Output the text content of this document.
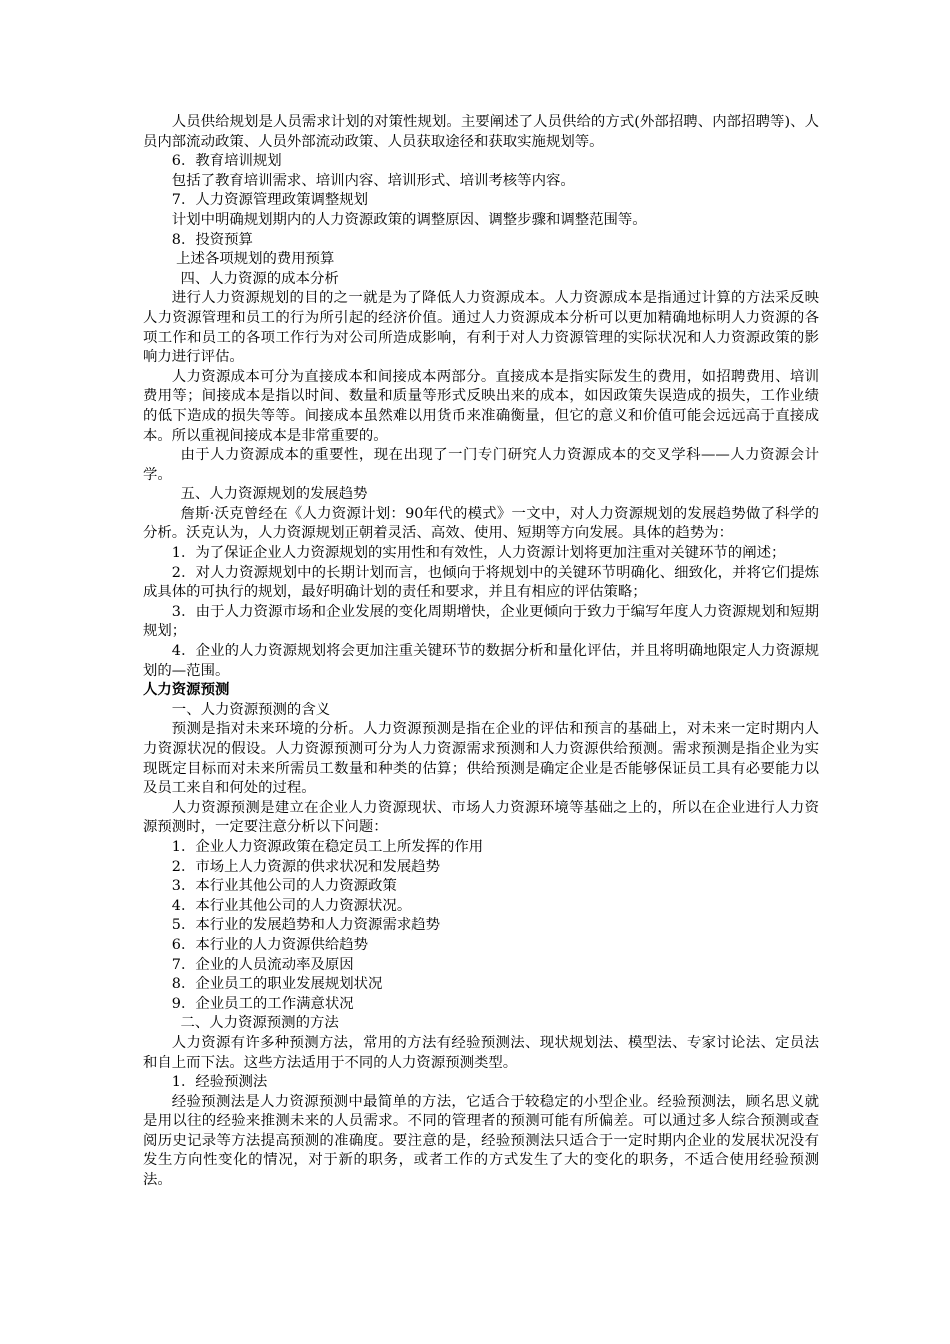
人员供给规划是人员需求计划的对策性规划。主要阐述了人员供给的方式(外部招聘、内部招聘等)、人员内部流动政策、人员外部流动政策、人员获取途径和获取实施规划等。

6．教育培训规划

包括了教育培训需求、培训内容、培训形式、培训考核等内容。

7．人力资源管理政策调整规划

计划中明确规划期内的人力资源政策的调整原因、调整步骤和调整范围等。

8．投资预算

上述各项规划的费用预算

四、人力资源的成本分析

进行人力资源规划的目的之一就是为了降低人力资源成本。人力资源成本是指通过计算的方法采反映人力资源管理和员工的行为所引起的经济价值。通过人力资源成本分析可以更加精确地标明人力资源的各项工作和员工的各项工作行为对公司所造成影响，有利于对人力资源管理的实际状况和人力资源政策的影响力进行评估。

人力资源成本可分为直接成本和间接成本两部分。直接成本是指实际发生的费用，如招聘费用、培训费用等；间接成本是指以时间、数量和质量等形式反映出来的成本，如因政策失误造成的损失，工作业绩的低下造成的损失等等。间接成本虽然难以用货币来准确衡量，但它的意义和价值可能会远远高于直接成本。所以重视间接成本是非常重要的。

由于人力资源成本的重要性，现在出现了一门专门研究人力资源成本的交叉学科——人力资源会计学。

五、人力资源规划的发展趋势

詹斯·沃克曾经在《人力资源计划：90年代的模式》一文中，对人力资源规划的发展趋势做了科学的分析。沃克认为，人力资源规划正朝着灵活、高效、使用、短期等方向发展。具体的趋势为：

1．为了保证企业人力资源规划的实用性和有效性，人力资源计划将更加注重对关键环节的阐述；

2．对人力资源规划中的长期计划而言，也倾向于将规划中的关键环节明确化、细致化，并将它们提炼成具体的可执行的规划，最好明确计划的责任和要求，并且有相应的评估策略；

3．由于人力资源市场和企业发展的变化周期增快，企业更倾向于致力于编写年度人力资源规划和短期规划；

4．企业的人力资源规划将会更加注重关键环节的数据分析和量化评估，并且将明确地限定人力资源规划的—范围。

人力资源预测

一、人力资源预测的含义

预测是指对未来环境的分析。人力资源预测是指在企业的评估和预言的基础上，对未来一定时期内人力资源状况的假设。人力资源预测可分为人力资源需求预测和人力资源供给预测。需求预测是指企业为实现既定目标而对未来所需员工数量和种类的估算；供给预测是确定企业是否能够保证员工具有必要能力以及员工来自和何处的过程。

人力资源预测是建立在企业人力资源现状、市场人力资源环境等基础之上的，所以在企业进行人力资源预测时，一定要注意分析以下问题：

1．企业人力资源政策在稳定员工上所发挥的作用

2．市场上人力资源的供求状况和发展趋势

3．本行业其他公司的人力资源政策

4．本行业其他公司的人力资源状况。

5．本行业的发展趋势和人力资源需求趋势

6．本行业的人力资源供给趋势

7．企业的人员流动率及原因

8．企业员工的职业发展规划状况

9．企业员工的工作满意状况

二、人力资源预测的方法

人力资源有许多种预测方法，常用的方法有经验预测法、现状规划法、模型法、专家讨论法、定员法和自上而下法。这些方法适用于不同的人力资源预测类型。

1．经验预测法

经验预测法是人力资源预测中最简单的方法，它适合于较稳定的小型企业。经验预测法，顾名思义就是用以往的经验来推测未来的人员需求。不同的管理者的预测可能有所偏差。可以通过多人综合预测或查阅历史记录等方法提高预测的准确度。要注意的是，经验预测法只适合于一定时期内企业的发展状况没有发生方向性变化的情况，对于新的职务，或者工作的方式发生了大的变化的职务，不适合使用经验预测法。
